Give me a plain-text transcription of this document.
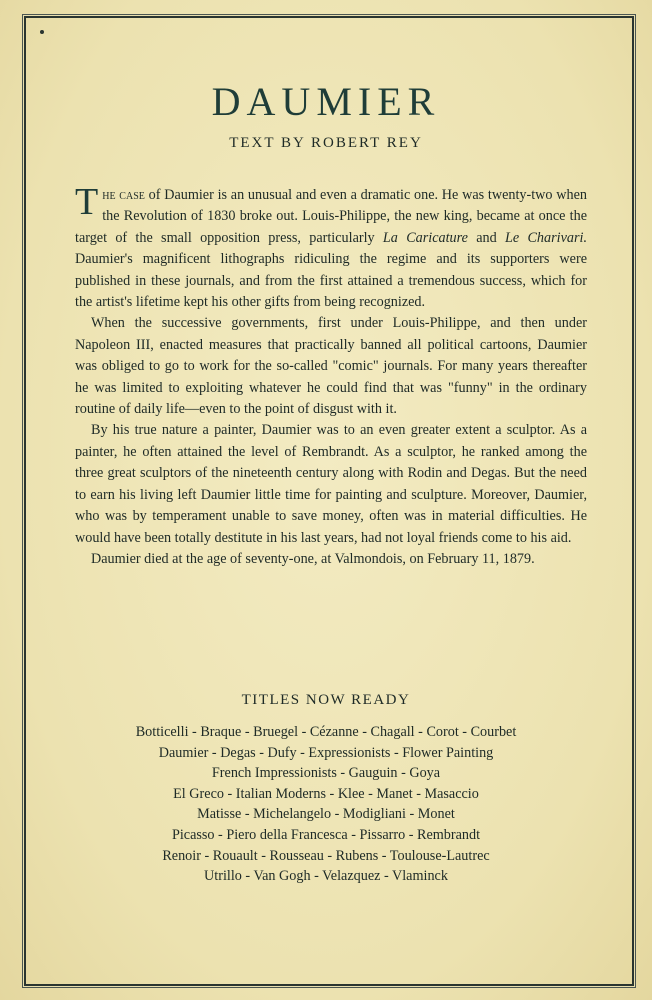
DAUMIER

TEXT BY ROBERT REY

The case of Daumier is an unusual and even a dramatic one. He was twenty-two when the Revolution of 1830 broke out. Louis-Philippe, the new king, became at once the target of the small opposition press, particularly La Caricature and Le Charivari. Daumier's magnificent lithographs ridiculing the regime and its supporters were published in these journals, and from the first attained a tremendous success, which for the artist's lifetime kept his other gifts from being recognized.

When the successive governments, first under Louis-Philippe, and then under Napoleon III, enacted measures that practically banned all political cartoons, Daumier was obliged to go to work for the so-called "comic" journals. For many years thereafter he was limited to exploiting whatever he could find that was "funny" in the ordinary routine of daily life—even to the point of disgust with it.

By his true nature a painter, Daumier was to an even greater extent a sculptor. As a painter, he often attained the level of Rembrandt. As a sculptor, he ranked among the three great sculptors of the nineteenth century along with Rodin and Degas. But the need to earn his living left Daumier little time for painting and sculpture. Moreover, Daumier, who was by temperament unable to save money, often was in material difficulties. He would have been totally destitute in his last years, had not loyal friends come to his aid.

Daumier died at the age of seventy-one, at Valmondois, on February 11, 1879.

TITLES NOW READY

Botticelli - Braque - Bruegel - Cézanne - Chagall - Corot - Courbet
Daumier - Degas - Dufy - Expressionists - Flower Painting
French Impressionists - Gauguin - Goya
El Greco - Italian Moderns - Klee - Manet - Masaccio
Matisse - Michelangelo - Modigliani - Monet
Picasso - Piero della Francesca - Pissarro - Rembrandt
Renoir - Rouault - Rousseau - Rubens - Toulouse-Lautrec
Utrillo - Van Gogh - Velazquez - Vlaminck
